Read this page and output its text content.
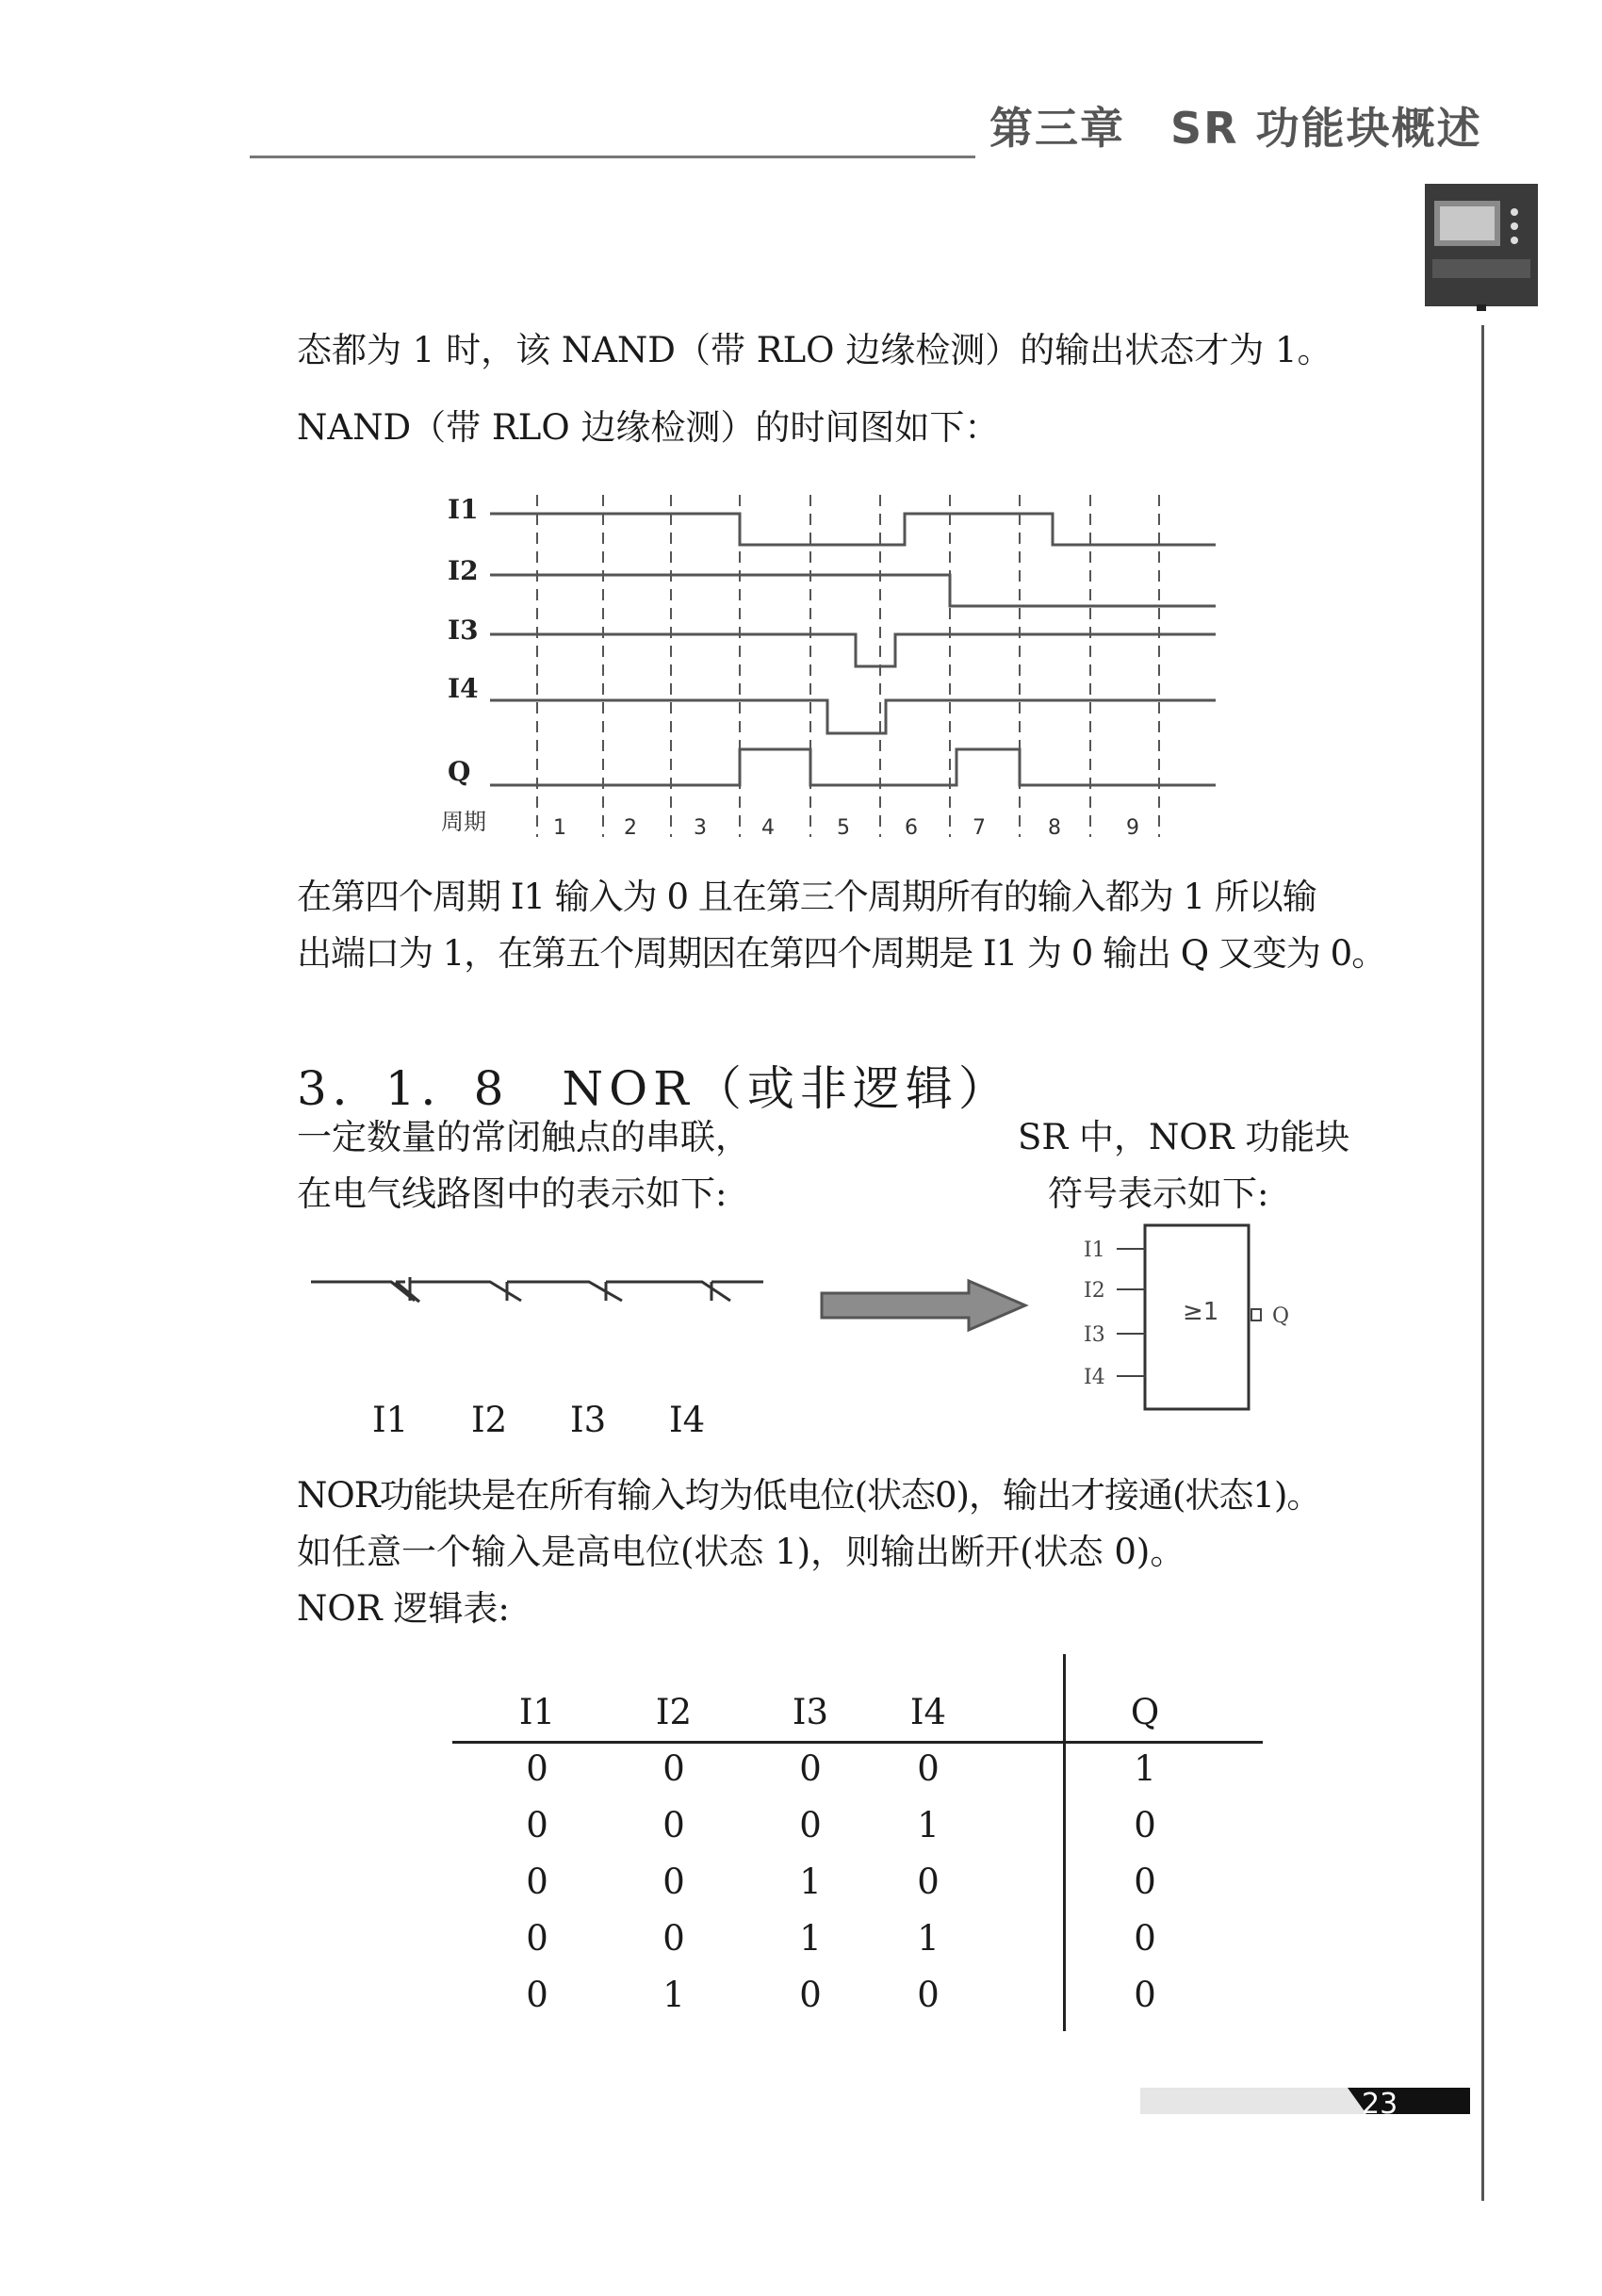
第三章　SR 功能块概述
态都为 1 时，该 NAND（带 RLO 边缘检测）的输出状态才为 1。
NAND（带 RLO 边缘检测）的时间图如下：
I1
I2
I3
I4
Q
周期	1	2	3	4	5	6	7	8	9
在第四个周期 I1 输入为 0 且在第三个周期所有的输入都为 1 所以输
出端口为 1，在第五个周期因在第四个周期是 I1 为 0 输出 Q 又变为 0。
3．1．8　NOR（或非逻辑）
一定数量的常闭触点的串联，
在电气线路图中的表示如下:
SR 中，NOR 功能块
符号表示如下:
I1 I2 I3 I4
I1
I2
I3
I4
Q
≥1
NOR功能块是在所有输入均为低电位(状态0)，输出才接通(状态1)。
如任意一个输入是高电位(状态 1)，则输出断开(状态 0)。
NOR 逻辑表:
I1	I2	I3	I4	Q
0	0	0	0	1
0	0	0	1	0
0	0	1	0	0
0	0	1	1	0
0	1	0	0	0
23
